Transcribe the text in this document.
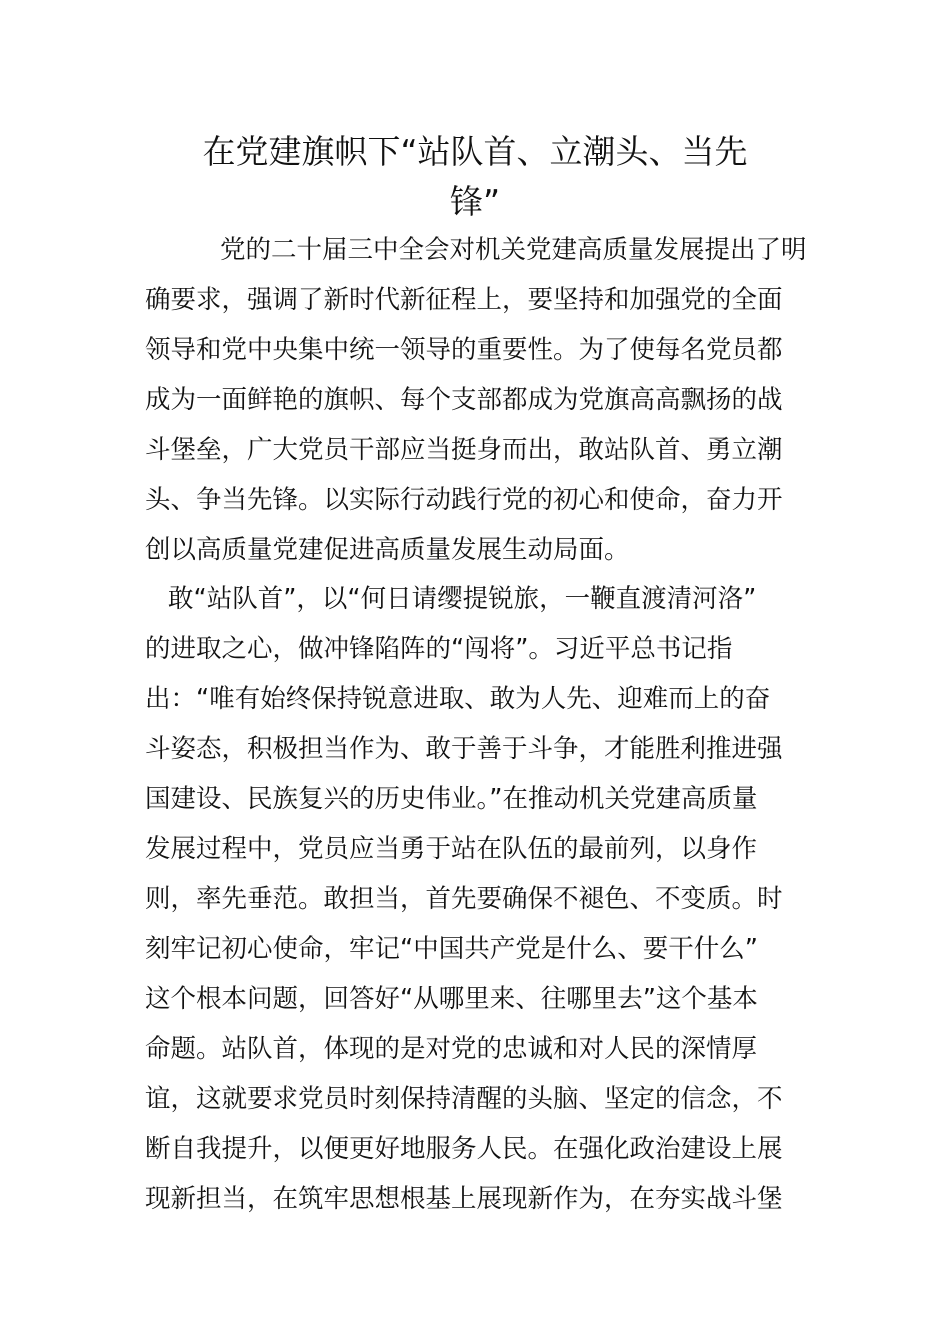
在党建旗帜下“站队首、立潮头、当先
锋”
党的二十届三中全会对机关党建高质量发展提出了明
确要求，强调了新时代新征程上，要坚持和加强党的全面
领导和党中央集中统一领导的重要性。为了使每名党员都
成为一面鲜艳的旗帜、每个支部都成为党旗高高飘扬的战
斗堡垒，广大党员干部应当挺身而出，敢站队首、勇立潮
头、争当先锋。以实际行动践行党的初心和使命，奋力开
创以高质量党建促进高质量发展生动局面。
敢“站队首”，以“何日请缨提锐旅，一鞭直渡清河洛”
的进取之心，做冲锋陷阵的“闯将”。习近平总书记指
出：“唯有始终保持锐意进取、敢为人先、迎难而上的奋
斗姿态，积极担当作为、敢于善于斗争，才能胜利推进强
国建设、民族复兴的历史伟业。”在推动机关党建高质量
发展过程中，党员应当勇于站在队伍的最前列，以身作
则，率先垂范。敢担当，首先要确保不褪色、不变质。时
刻牢记初心使命，牢记“中国共产党是什么、要干什么”
这个根本问题，回答好“从哪里来、往哪里去”这个基本
命题。站队首，体现的是对党的忠诚和对人民的深情厚
谊，这就要求党员时刻保持清醒的头脑、坚定的信念，不
断自我提升，以便更好地服务人民。在强化政治建设上展
现新担当，在筑牢思想根基上展现新作为，在夯实战斗堡
